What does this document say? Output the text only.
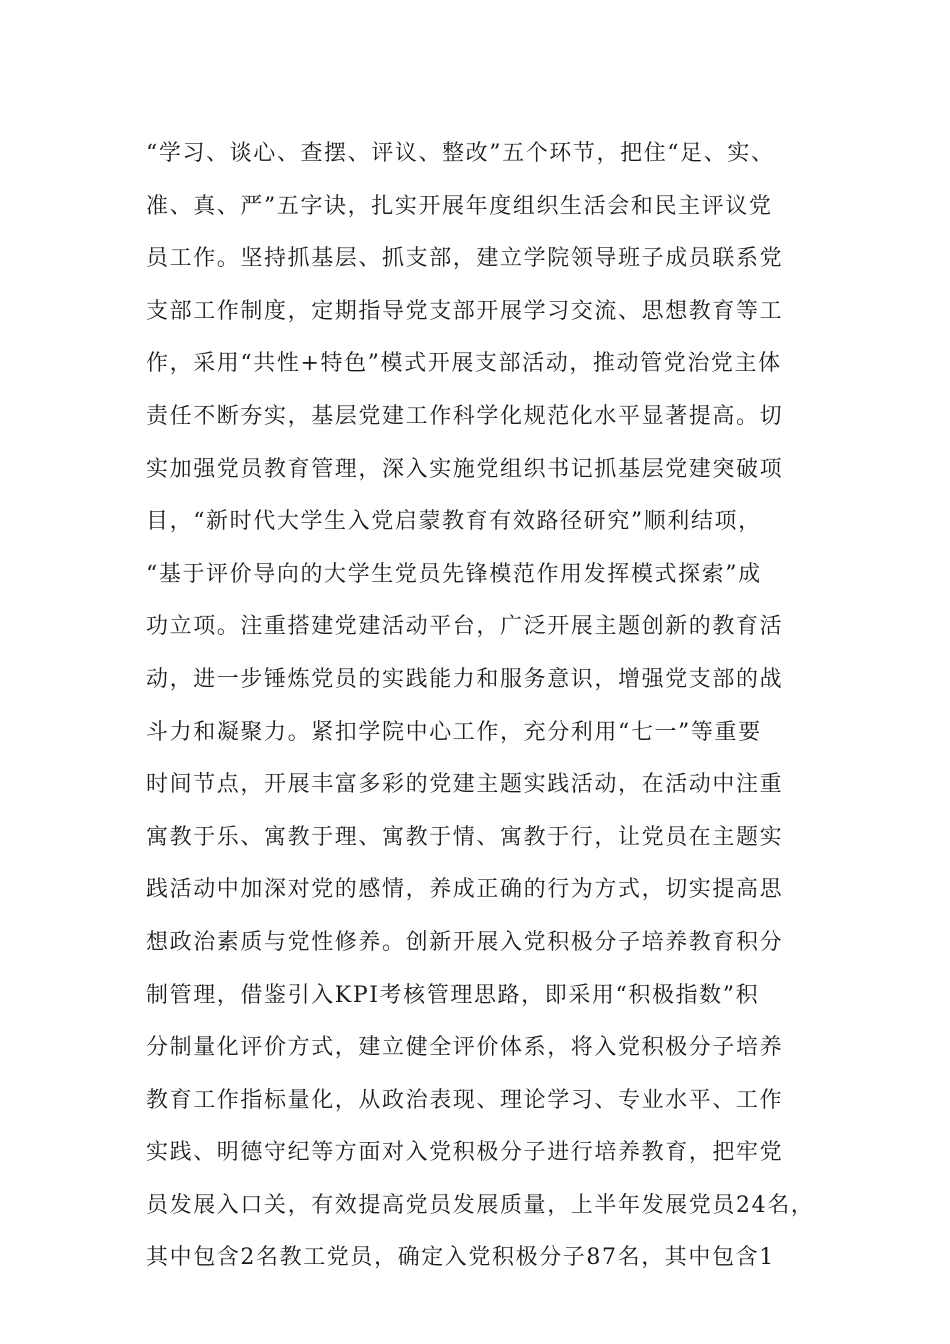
“学习、谈心、查摆、评议、整改”五个环节，把住“足、实、
准、真、严”五字诀，扎实开展年度组织生活会和民主评议党
员工作。坚持抓基层、抓支部，建立学院领导班子成员联系党
支部工作制度，定期指导党支部开展学习交流、思想教育等工
作，采用“共性+特色”模式开展支部活动，推动管党治党主体
责任不断夯实，基层党建工作科学化规范化水平显著提高。切
实加强党员教育管理，深入实施党组织书记抓基层党建突破项
目，“新时代大学生入党启蒙教育有效路径研究”顺利结项，
“基于评价导向的大学生党员先锋模范作用发挥模式探索”成
功立项。注重搭建党建活动平台，广泛开展主题创新的教育活
动，进一步锤炼党员的实践能力和服务意识，增强党支部的战
斗力和凝聚力。紧扣学院中心工作，充分利用“七一”等重要
时间节点，开展丰富多彩的党建主题实践活动，在活动中注重
寓教于乐、寓教于理、寓教于情、寓教于行，让党员在主题实
践活动中加深对党的感情，养成正确的行为方式，切实提高思
想政治素质与党性修养。创新开展入党积极分子培养教育积分
制管理，借鉴引入KPI考核管理思路，即采用“积极指数”积
分制量化评价方式，建立健全评价体系，将入党积极分子培养
教育工作指标量化，从政治表现、理论学习、专业水平、工作
实践、明德守纪等方面对入党积极分子进行培养教育，把牢党
员发展入口关，有效提高党员发展质量，上半年发展党员24名，
其中包含2名教工党员，确定入党积极分子87名，其中包含1
